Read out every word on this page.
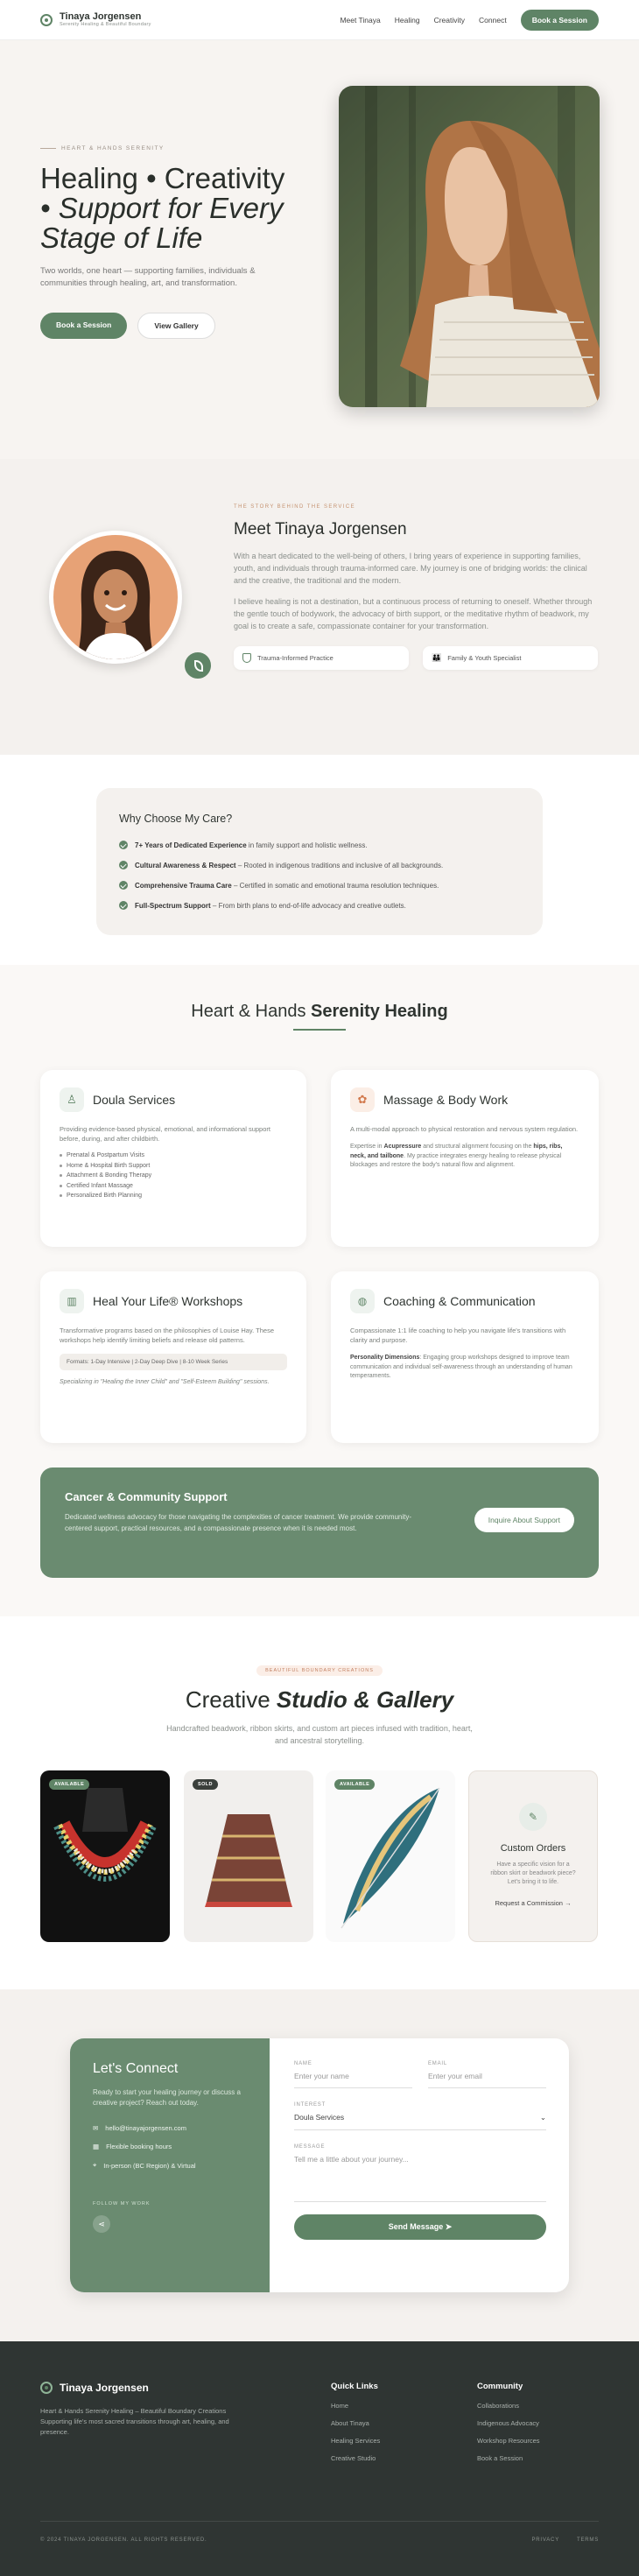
Tinaya Jorgensen
Serenity Healing & Beautiful Boundary
Meet Tinaya Healing Creativity Connect	Book a Session
HEART & HANDS SERENITY
Healing • Creativity
• Support for Every
Stage of Life
Two worlds, one heart — supporting families, individuals & communities through healing, art, and transformation.
Book a Session	View Gallery
THE STORY BEHIND THE SERVICE
Meet Tinaya Jorgensen
With a heart dedicated to the well-being of others, I bring years of experience in supporting families, youth, and individuals through trauma-informed care. My journey is one of bridging worlds: the clinical and the creative, the traditional and the modern.
I believe healing is not a destination, but a continuous process of returning to oneself. Whether through the gentle touch of bodywork, the advocacy of birth support, or the meditative rhythm of beadwork, my goal is to create a safe, compassionate container for your transformation.
Trauma-Informed Practice	👪 Family & Youth Specialist
Why Choose My Care?
7+ Years of Dedicated Experience in family support and holistic wellness.
Cultural Awareness & Respect – Rooted in indigenous traditions and inclusive of all backgrounds.
Comprehensive Trauma Care – Certified in somatic and emotional trauma resolution techniques.
Full-Spectrum Support – From birth plans to end-of-life advocacy and creative outlets.
Heart & Hands Serenity Healing
♙	Doula Services
Providing evidence-based physical, emotional, and informational support before, during, and after childbirth.
Prenatal & Postpartum Visits
Home & Hospital Birth Support
Attachment & Bonding Therapy
Certified Infant Massage
Personalized Birth Planning
✿	Massage & Body Work
A multi-modal approach to physical restoration and nervous system regulation.
Expertise in Acupressure and structural alignment focusing on the hips, ribs, neck, and tailbone. My practice integrates energy healing to release physical blockages and restore the body's natural flow and alignment.
▥	Heal Your Life® Workshops
Transformative programs based on the philosophies of Louise Hay. These workshops help identify limiting beliefs and release old patterns.
Formats: 1-Day Intensive | 2-Day Deep Dive | 8-10 Week Series
Specializing in "Healing the Inner Child" and "Self-Esteem Building" sessions.
◍	Coaching & Communication
Compassionate 1:1 life coaching to help you navigate life's transitions with clarity and purpose.
Personality Dimensions: Engaging group workshops designed to improve team communication and individual self-awareness through an understanding of human temperaments.
Cancer & Community Support
Dedicated wellness advocacy for those navigating the complexities of cancer treatment. We provide community-centered support, practical resources, and a compassionate presence when it is needed most.
Inquire About Support
BEAUTIFUL BOUNDARY CREATIONS
Creative Studio & Gallery
Handcrafted beadwork, ribbon skirts, and custom art pieces infused with tradition, heart, and ancestral storytelling.
AVAILABLE	SOLD	AVAILABLE
✎
Custom Orders
Have a specific vision for a ribbon skirt or beadwork piece? Let's bring it to life.
Request a Commission →
Let's Connect
Ready to start your healing journey or discuss a creative project? Reach out today.
✉ hello@tinayajorgensen.com
▦ Flexible booking hours
⌖ In-person (BC Region) & Virtual
FOLLOW MY WORK
⋖
NAME
Enter your name
EMAIL
Enter your email
INTEREST
Doula Services	⌄
MESSAGE
Tell me a little about your journey...
Send Message ➤
Tinaya Jorgensen
Heart & Hands Serenity Healing – Beautiful Boundary Creations
Supporting life's most sacred transitions through art, healing, and presence.
Quick Links
Home
About Tinaya
Healing Services
Creative Studio
Community
Collaborations
Indigenous Advocacy
Workshop Resources
Book a Session
© 2024 TINAYA JORGENSEN. ALL RIGHTS RESERVED.	PRIVACY	TERMS
